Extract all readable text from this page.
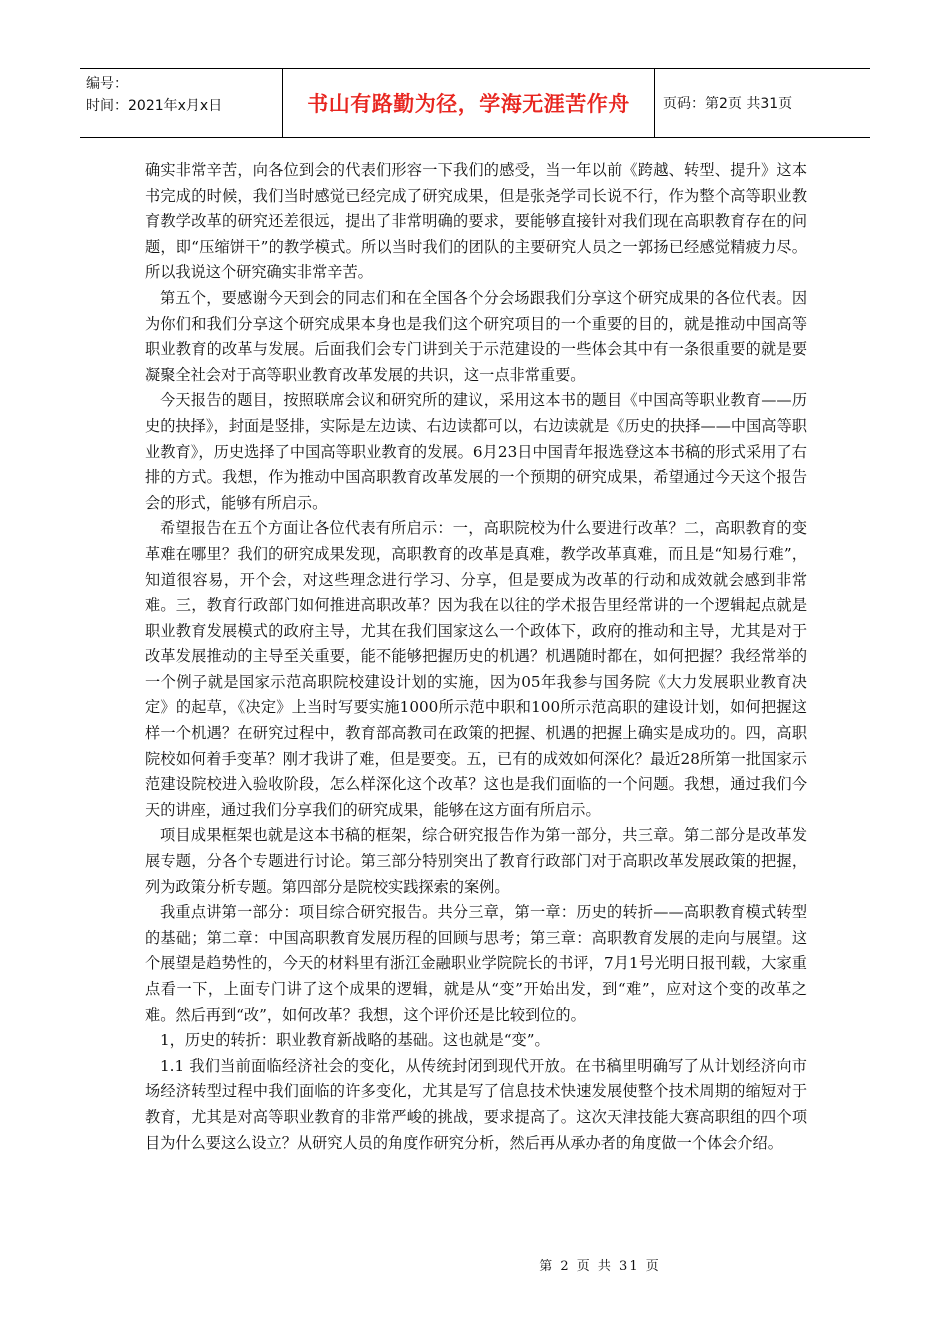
编号：
时间：2021年x月x日	书山有路勤为径，学海无涯苦作舟	页码：第2页 共31页

确实非常辛苦，向各位到会的代表们形容一下我们的感受，当一年以前《跨越、转型、提升》这本书完成的时候，我们当时感觉已经完成了研究成果，但是张尧学司长说不行，作为整个高等职业教育教学改革的研究还差很远，提出了非常明确的要求，要能够直接针对我们现在高职教育存在的问题，即“压缩饼干”的教学模式。所以当时我们的团队的主要研究人员之一郭扬已经感觉精疲力尽。所以我说这个研究确实非常辛苦。

第五个，要感谢今天到会的同志们和在全国各个分会场跟我们分享这个研究成果的各位代表。因为你们和我们分享这个研究成果本身也是我们这个研究项目的一个重要的目的，就是推动中国高等职业教育的改革与发展。后面我们会专门讲到关于示范建设的一些体会其中有一条很重要的就是要凝聚全社会对于高等职业教育改革发展的共识，这一点非常重要。

今天报告的题目，按照联席会议和研究所的建议，采用这本书的题目《中国高等职业教育——历史的抉择》，封面是竖排，实际是左边读、右边读都可以，右边读就是《历史的抉择——中国高等职业教育》，历史选择了中国高等职业教育的发展。6月23日中国青年报选登这本书稿的形式采用了右排的方式。我想，作为推动中国高职教育改革发展的一个预期的研究成果，希望通过今天这个报告会的形式，能够有所启示。

希望报告在五个方面让各位代表有所启示：一，高职院校为什么要进行改革？二，高职教育的变革难在哪里？我们的研究成果发现，高职教育的改革是真难，教学改革真难，而且是“知易行难”，知道很容易，开个会，对这些理念进行学习、分享，但是要成为改革的行动和成效就会感到非常难。三，教育行政部门如何推进高职改革？因为我在以往的学术报告里经常讲的一个逻辑起点就是职业教育发展模式的政府主导，尤其在我们国家这么一个政体下，政府的推动和主导，尤其是对于改革发展推动的主导至关重要，能不能够把握历史的机遇？机遇随时都在，如何把握？我经常举的一个例子就是国家示范高职院校建设计划的实施，因为05年我参与国务院《大力发展职业教育决定》的起草，《决定》上当时写要实施1000所示范中职和100所示范高职的建设计划，如何把握这样一个机遇？在研究过程中，教育部高教司在政策的把握、机遇的把握上确实是成功的。四，高职院校如何着手变革？刚才我讲了难，但是要变。五，已有的成效如何深化？最近28所第一批国家示范建设院校进入验收阶段，怎么样深化这个改革？这也是我们面临的一个问题。我想，通过我们今天的讲座，通过我们分享我们的研究成果，能够在这方面有所启示。

项目成果框架也就是这本书稿的框架，综合研究报告作为第一部分，共三章。第二部分是改革发展专题，分各个专题进行讨论。第三部分特别突出了教育行政部门对于高职改革发展政策的把握，列为政策分析专题。第四部分是院校实践探索的案例。

我重点讲第一部分：项目综合研究报告。共分三章，第一章：历史的转折——高职教育模式转型的基础；第二章：中国高职教育发展历程的回顾与思考；第三章：高职教育发展的走向与展望。这个展望是趋势性的，今天的材料里有浙江金融职业学院院长的书评，7月1号光明日报刊载，大家重点看一下，上面专门讲了这个成果的逻辑，就是从“变”开始出发，到“难”，应对这个变的改革之难。然后再到“改”，如何改革？我想，这个评价还是比较到位的。

1，历史的转折：职业教育新战略的基础。这也就是“变”。

1.1 我们当前面临经济社会的变化，从传统封闭到现代开放。在书稿里明确写了从计划经济向市场经济转型过程中我们面临的许多变化，尤其是写了信息技术快速发展使整个技术周期的缩短对于教育，尤其是对高等职业教育的非常严峻的挑战，要求提高了。这次天津技能大赛高职组的四个项目为什么要这么设立？从研究人员的角度作研究分析，然后再从承办者的角度做一个体会介绍。

第 2 页 共 31 页
